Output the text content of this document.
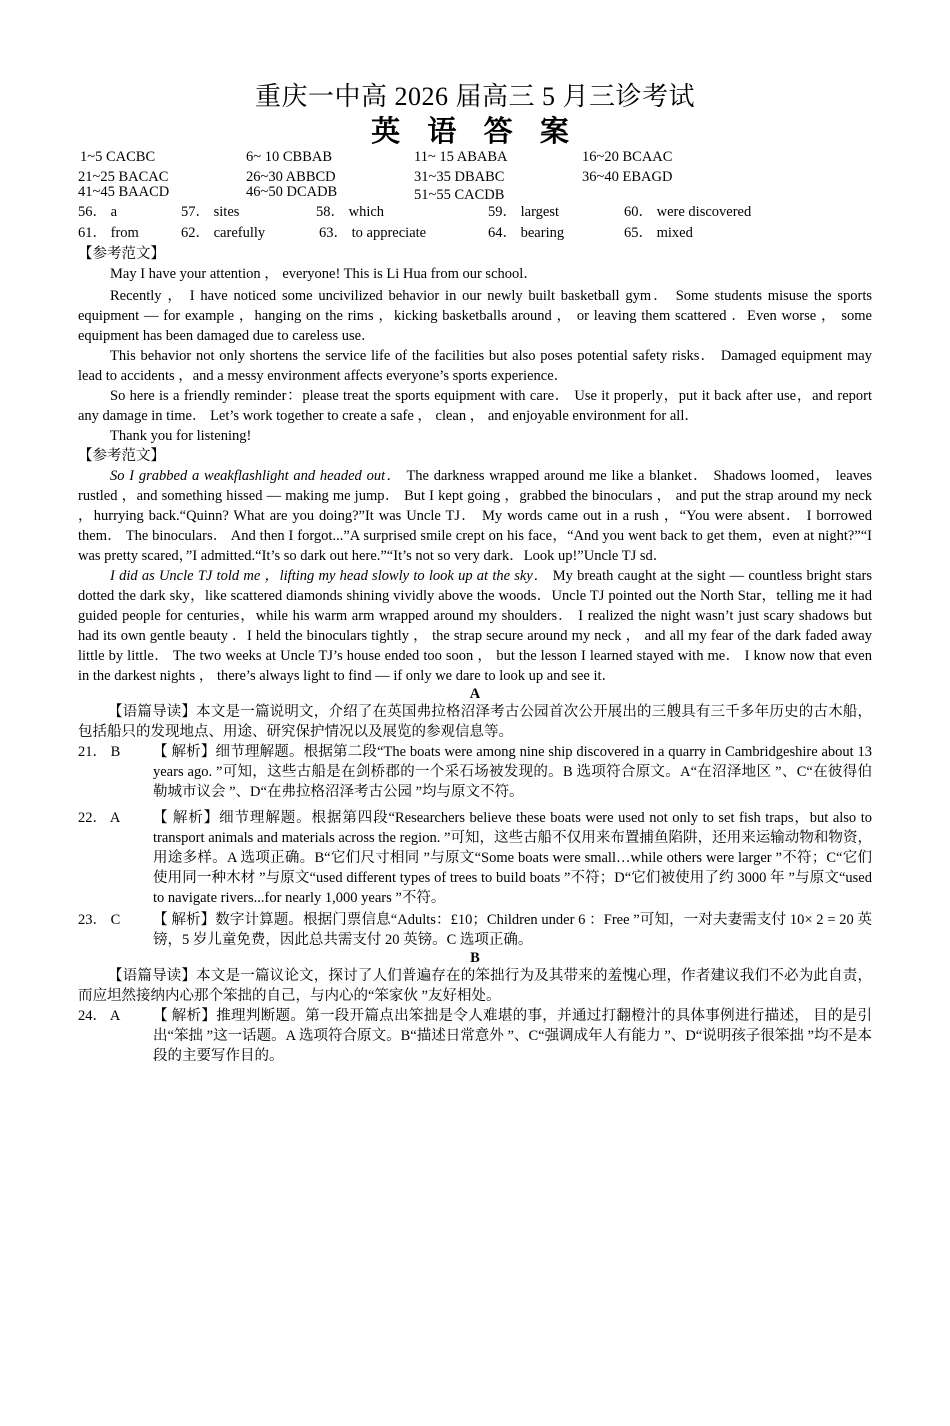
重庆一中高 2026 届高三 5 月三诊考试
英 语 答 案
1~5 CACBC	6~ 10 CBBAB	11~ 15 ABABA	16~20 BCAAC
21~25 BACAC	26~30 ABBCD	31~35 DBABC	36~40 EBAGD
41~45 BAACD	46~50 DCADB	51~55 CACDB
56． a	57． sites	58． which	59． largest	60． were discovered
61． from	62． carefully	63． to appreciate	64． bearing	65． mixed
【参考范文】

May I have your attention ， everyone! This is Li Hua from our school．

Recently ， I have noticed some uncivilized behavior in our newly built basketball gym． Some students misuse the sports equipment — for example ，hanging on the rims ，kicking basketballs around ， or leaving them scattered ．Even worse ， some equipment has been damaged due to careless use．

This behavior not only shortens the service life of the facilities but also poses potential safety risks． Damaged equipment may lead to accidents ，and a messy environment affects everyone’s sports experience．

So here is a friendly reminder：please treat the sports equipment with care． Use it properly，put it back after use，and report any damage in time． Let’s work together to create a safe ， clean ， and enjoyable environment for all．

Thank you for listening!

【参考范文】

So I grabbed a weakflashlight and headed out． The darkness wrapped around me like a blanket． Shadows loomed， leaves rustled ，and something hissed — making me jump． But I kept going ，grabbed the binoculars ， and put the strap around my neck ，hurrying back.“Quinn? What are you doing?”It was Uncle TJ． My words came out in a rush ，“You were absent． I borrowed them． The binoculars． And then I forgot...”A surprised smile crept on his face，“And you went back to get them，even at night?”“I was pretty scared，”I admitted.“It’s so dark out here.”“It’s not so very dark．Look up!”Uncle TJ sd．

I did as Uncle TJ told me ，lifting my head slowly to look up at the sky． My breath caught at the sight — countless bright stars dotted the dark sky，like scattered diamonds shining vividly above the woods．Uncle TJ pointed out the North Star，telling me it had guided people for centuries，while his warm arm wrapped around my shoulders． I realized the night wasn’t just scary shadows but had its own gentle beauty ．I held the binoculars tightly ， the strap secure around my neck ， and all my fear of the dark faded away little by little． The two weeks at Uncle TJ’s house ended too soon ， but the lesson I learned stayed with me． I know now that even in the darkest nights ， there’s always light to find — if only we dare to look up and see it．

A

【语篇导读】本文是一篇说明文，介绍了在英国弗拉格沼泽考古公园首次公开展出的三艘具有三千多年历史的古木船，包括船只的发现地点、用途、研究保护情况以及展览的参观信息等。

21． B	【 解析】细节理解题。根据第二段“The boats were among nine ship discovered in a quarry in Cambridgeshire about 13 years ago. ”可知，这些古船是在剑桥郡的一个采石场被发现的。B 选项符合原文。A“在沼泽地区 ”、C“在彼得伯勒城市议会 ”、D“在弗拉格沼泽考古公园 ”均与原文不符。
22． A	【 解析】细节理解题。根据第四段“Researchers believe these boats were used not only to set fish traps，but also to transport animals and materials across the region. ”可知，这些古船不仅用来布置捕鱼陷阱，还用来运输动物和物资，用途多样。A 选项正确。B“它们尺寸相同 ”与原文“Some boats were small…while others were larger ”不符；C“它们使用同一种木材 ”与原文“used different types of trees to build boats ”不符；D“它们被使用了约 3000 年 ”与原文“used to navigate rivers...for nearly 1,000 years ”不符。
23． C	【 解析】数字计算题。根据门票信息“Adults：£10；Children under 6 ：Free ”可知，一对夫妻需支付 10× 2 = 20 英镑，5 岁儿童免费，因此总共需支付 20 英镑。C 选项正确。
B

【语篇导读】本文是一篇议论文，探讨了人们普遍存在的笨拙行为及其带来的羞愧心理，作者建议我们不必为此自责，而应坦然接纳内心那个笨拙的自己，与内心的“笨家伙 ”友好相处。

24． A	【 解析】推理判断题。第一段开篇点出笨拙是令人难堪的事，并通过打翻橙汁的具体事例进行描述， 目的是引出“笨拙 ”这一话题。A 选项符合原文。B“描述日常意外 ”、C“强调成年人有能力 ”、D“说明孩子很笨拙 ”均不是本段的主要写作目的。
